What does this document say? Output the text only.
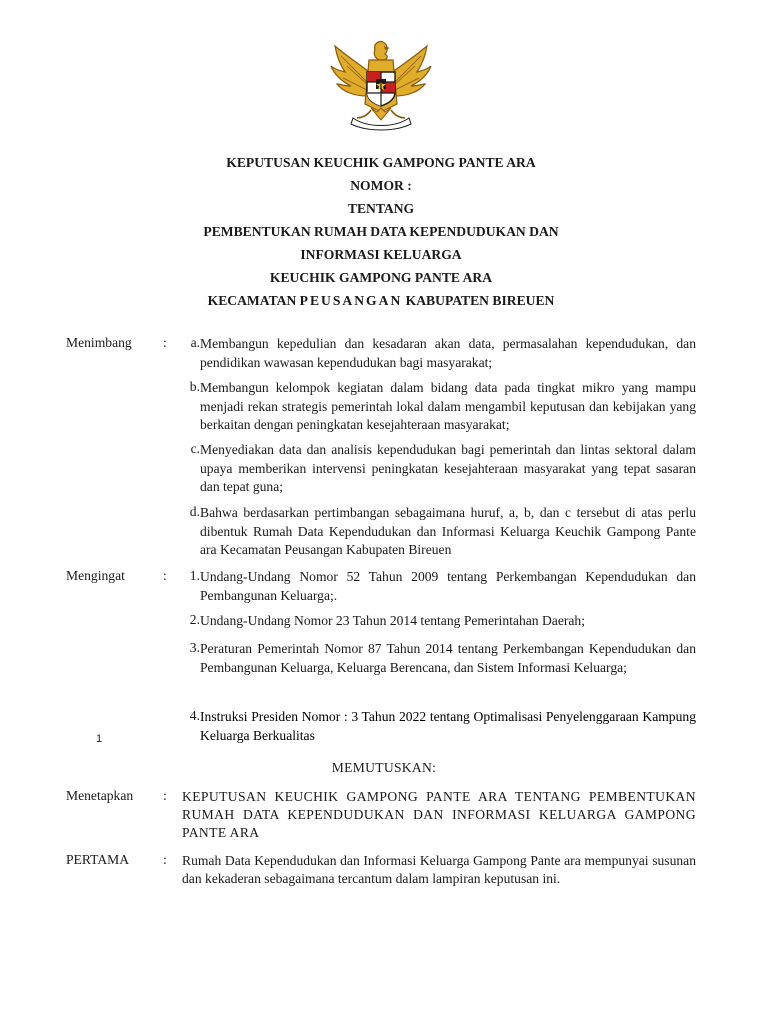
KEPUTUSAN KEUCHIK GAMPONG PANTE ARA
NOMOR :
TENTANG
PEMBENTUKAN RUMAH DATA KEPENDUDUKAN DAN
INFORMASI KELUARGA
KEUCHIK GAMPONG PANTE ARA
KECAMATAN PEUSANGAN KABUPATEN BIREUEN
Menimbang	:	a. Membangun kepedulian dan kesadaran akan data, permasalahan kependudukan, dan pendidikan wawasan kependudukan bagi masyarakat;
b. Membangun kelompok kegiatan dalam bidang data pada tingkat mikro yang mampu menjadi rekan strategis pemerintah lokal dalam mengambil keputusan dan kebijakan yang berkaitan dengan peningkatan kesejahteraan masyarakat;
c. Menyediakan data dan analisis kependudukan bagi pemerintah dan lintas sektoral dalam upaya memberikan intervensi peningkatan kesejahteraan masyarakat yang tepat sasaran dan tepat guna;
d. Bahwa berdasarkan pertimbangan sebagaimana huruf, a, b, dan c tersebut di atas perlu dibentuk Rumah Data Kependudukan dan Informasi Keluarga Keuchik Gampong Pante ara Kecamatan Peusangan Kabupaten Bireuen
Mengingat	:	1. Undang-Undang Nomor 52 Tahun 2009 tentang Perkembangan Kependudukan dan Pembangunan Keluarga;.
2. Undang-Undang Nomor 23 Tahun 2014 tentang Pemerintahan Daerah;
3. Peraturan Pemerintah Nomor 87 Tahun 2014 tentang Perkembangan Kependudukan dan Pembangunan Keluarga, Keluarga Berencana, dan Sistem Informasi Keluarga;
4. Instruksi Presiden Nomor : 3 Tahun 2022 tentang Optimalisasi Penyelenggaraan Kampung Keluarga Berkualitas
1
MEMUTUSKAN:
Menetapkan	: KEPUTUSAN KEUCHIK GAMPONG PANTE ARA TENTANG PEMBENTUKAN RUMAH DATA KEPENDUDUKAN DAN INFORMASI KELUARGA GAMPONG PANTE ARA
PERTAMA	: Rumah Data Kependudukan dan Informasi Keluarga Gampong Pante ara mempunyai susunan dan kekaderan sebagaimana tercantum dalam lampiran keputusan ini.
